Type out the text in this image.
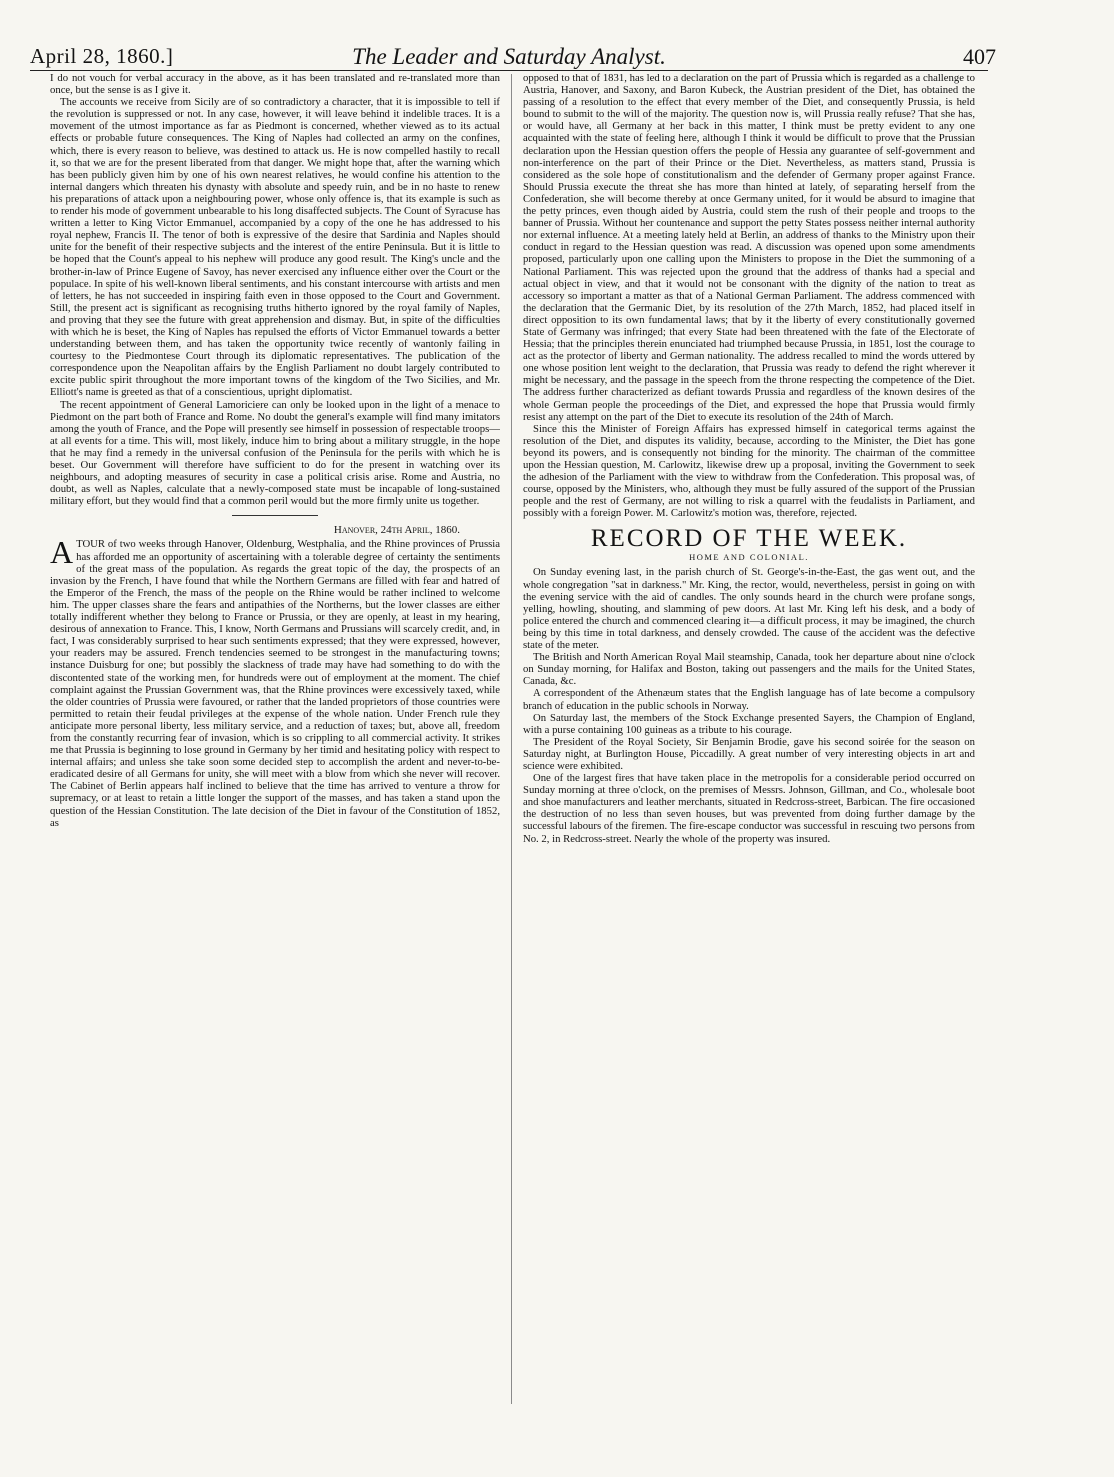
April 28, 1860.]	The Leader and Saturday Analyst.	407

I do not vouch for verbal accuracy in the above, as it has been translated and re-translated more than once, but the sense is as I give it.

The accounts we receive from Sicily are of so contradictory a character, that it is impossible to tell if the revolution is suppressed or not. In any case, however, it will leave behind it indelible traces. It is a movement of the utmost importance as far as Piedmont is concerned, whether viewed as to its actual effects or probable future consequences. The King of Naples had collected an army on the confines, which, there is every reason to believe, was destined to attack us. He is now compelled hastily to recall it, so that we are for the present liberated from that danger. We might hope that, after the warning which has been publicly given him by one of his own nearest relatives, he would confine his attention to the internal dangers which threaten his dynasty with absolute and speedy ruin, and be in no haste to renew his preparations of attack upon a neighbouring power, whose only offence is, that its example is such as to render his mode of government unbearable to his long disaffected subjects. The Count of Syracuse has written a letter to King Victor Emmanuel, accompanied by a copy of the one he has addressed to his royal nephew, Francis II. The tenor of both is expressive of the desire that Sardinia and Naples should unite for the benefit of their respective subjects and the interest of the entire Peninsula. But it is little to be hoped that the Count's appeal to his nephew will produce any good result. The King's uncle and the brother-in-law of Prince Eugene of Savoy, has never exercised any influence either over the Court or the populace. In spite of his well-known liberal sentiments, and his constant intercourse with artists and men of letters, he has not succeeded in inspiring faith even in those opposed to the Court and Government. Still, the present act is significant as recognising truths hitherto ignored by the royal family of Naples, and proving that they see the future with great apprehension and dismay. But, in spite of the difficulties with which he is beset, the King of Naples has repulsed the efforts of Victor Emmanuel towards a better understanding between them, and has taken the opportunity twice recently of wantonly failing in courtesy to the Piedmontese Court through its diplomatic representatives. The publication of the correspondence upon the Neapolitan affairs by the English Parliament no doubt largely contributed to excite public spirit throughout the more important towns of the kingdom of the Two Sicilies, and Mr. Elliott's name is greeted as that of a conscientious, upright diplomatist.

The recent appointment of General Lamoriciere can only be looked upon in the light of a menace to Piedmont on the part both of France and Rome. No doubt the general's example will find many imitators among the youth of France, and the Pope will presently see himself in possession of respectable troops—at all events for a time. This will, most likely, induce him to bring about a military struggle, in the hope that he may find a remedy in the universal confusion of the Peninsula for the perils with which he is beset. Our Government will therefore have sufficient to do for the present in watching over its neighbours, and adopting measures of security in case a political crisis arise. Rome and Austria, no doubt, as well as Naples, calculate that a newly-composed state must be incapable of long-sustained military effort, but they would find that a common peril would but the more firmly unite us together.

Hanover, 24th April, 1860.

ATOUR of two weeks through Hanover, Oldenburg, Westphalia, and the Rhine provinces of Prussia has afforded me an opportunity of ascertaining with a tolerable degree of certainty the sentiments of the great mass of the population. As regards the great topic of the day, the prospects of an invasion by the French, I have found that while the Northern Germans are filled with fear and hatred of the Emperor of the French, the mass of the people on the Rhine would be rather inclined to welcome him. The upper classes share the fears and antipathies of the Northerns, but the lower classes are either totally indifferent whether they belong to France or Prussia, or they are openly, at least in my hearing, desirous of annexation to France. This, I know, North Germans and Prussians will scarcely credit, and, in fact, I was considerably surprised to hear such sentiments expressed; that they were expressed, however, your readers may be assured. French tendencies seemed to be strongest in the manufacturing towns; instance Duisburg for one; but possibly the slackness of trade may have had something to do with the discontented state of the working men, for hundreds were out of employment at the moment. The chief complaint against the Prussian Government was, that the Rhine provinces were excessively taxed, while the older countries of Prussia were favoured, or rather that the landed proprietors of those countries were permitted to retain their feudal privileges at the expense of the whole nation. Under French rule they anticipate more personal liberty, less military service, and a reduction of taxes; but, above all, freedom from the constantly recurring fear of invasion, which is so crippling to all commercial activity. It strikes me that Prussia is beginning to lose ground in Germany by her timid and hesitating policy with respect to internal affairs; and unless she take soon some decided step to accomplish the ardent and never-to-be-eradicated desire of all Germans for unity, she will meet with a blow from which she never will recover. The Cabinet of Berlin appears half inclined to believe that the time has arrived to venture a throw for supremacy, or at least to retain a little longer the support of the masses, and has taken a stand upon the question of the Hessian Constitution. The late decision of the Diet in favour of the Constitution of 1852, as

opposed to that of 1831, has led to a declaration on the part of Prussia which is regarded as a challenge to Austria, Hanover, and Saxony, and Baron Kubeck, the Austrian president of the Diet, has obtained the passing of a resolution to the effect that every member of the Diet, and consequently Prussia, is held bound to submit to the will of the majority. The question now is, will Prussia really refuse? That she has, or would have, all Germany at her back in this matter, I think must be pretty evident to any one acquainted with the state of feeling here, although I think it would be difficult to prove that the Prussian declaration upon the Hessian question offers the people of Hessia any guarantee of self-government and non-interference on the part of their Prince or the Diet. Nevertheless, as matters stand, Prussia is considered as the sole hope of constitutionalism and the defender of Germany proper against France. Should Prussia execute the threat she has more than hinted at lately, of separating herself from the Confederation, she will become thereby at once Germany united, for it would be absurd to imagine that the petty princes, even though aided by Austria, could stem the rush of their people and troops to the banner of Prussia. Without her countenance and support the petty States possess neither internal authority nor external influence. At a meeting lately held at Berlin, an address of thanks to the Ministry upon their conduct in regard to the Hessian question was read. A discussion was opened upon some amendments proposed, particularly upon one calling upon the Ministers to propose in the Diet the summoning of a National Parliament. This was rejected upon the ground that the address of thanks had a special and actual object in view, and that it would not be consonant with the dignity of the nation to treat as accessory so important a matter as that of a National German Parliament. The address commenced with the declaration that the Germanic Diet, by its resolution of the 27th March, 1852, had placed itself in direct opposition to its own fundamental laws; that by it the liberty of every constitutionally governed State of Germany was infringed; that every State had been threatened with the fate of the Electorate of Hessia; that the principles therein enunciated had triumphed because Prussia, in 1851, lost the courage to act as the protector of liberty and German nationality. The address recalled to mind the words uttered by one whose position lent weight to the declaration, that Prussia was ready to defend the right wherever it might be necessary, and the passage in the speech from the throne respecting the competence of the Diet. The address further characterized as defiant towards Prussia and regardless of the known desires of the whole German people the proceedings of the Diet, and expressed the hope that Prussia would firmly resist any attempt on the part of the Diet to execute its resolution of the 24th of March.

Since this the Minister of Foreign Affairs has expressed himself in categorical terms against the resolution of the Diet, and disputes its validity, because, according to the Minister, the Diet has gone beyond its powers, and is consequently not binding for the minority. The chairman of the committee upon the Hessian question, M. Carlowitz, likewise drew up a proposal, inviting the Government to seek the adhesion of the Parliament with the view to withdraw from the Confederation. This proposal was, of course, opposed by the Ministers, who, although they must be fully assured of the support of the Prussian people and the rest of Germany, are not willing to risk a quarrel with the feudalists in Parliament, and possibly with a foreign Power. M. Carlowitz's motion was, therefore, rejected.

RECORD OF THE WEEK.
HOME AND COLONIAL.

On Sunday evening last, in the parish church of St. George's-in-the-East, the gas went out, and the whole congregation "sat in darkness." Mr. King, the rector, would, nevertheless, persist in going on with the evening service with the aid of candles. The only sounds heard in the church were profane songs, yelling, howling, shouting, and slamming of pew doors. At last Mr. King left his desk, and a body of police entered the church and commenced clearing it—a difficult process, it may be imagined, the church being by this time in total darkness, and densely crowded. The cause of the accident was the defective state of the meter.

The British and North American Royal Mail steamship, Canada, took her departure about nine o'clock on Sunday morning, for Halifax and Boston, taking out passengers and the mails for the United States, Canada, &c.

A correspondent of the Athenæum states that the English language has of late become a compulsory branch of education in the public schools in Norway.

On Saturday last, the members of the Stock Exchange presented Sayers, the Champion of England, with a purse containing 100 guineas as a tribute to his courage.

The President of the Royal Society, Sir Benjamin Brodie, gave his second soirée for the season on Saturday night, at Burlington House, Piccadilly. A great number of very interesting objects in art and science were exhibited.

One of the largest fires that have taken place in the metropolis for a considerable period occurred on Sunday morning at three o'clock, on the premises of Messrs. Johnson, Gillman, and Co., wholesale boot and shoe manufacturers and leather merchants, situated in Redcross-street, Barbican. The fire occasioned the destruction of no less than seven houses, but was prevented from doing further damage by the successful labours of the firemen. The fire-escape conductor was successful in rescuing two persons from No. 2, in Redcross-street. Nearly the whole of the property was insured.
